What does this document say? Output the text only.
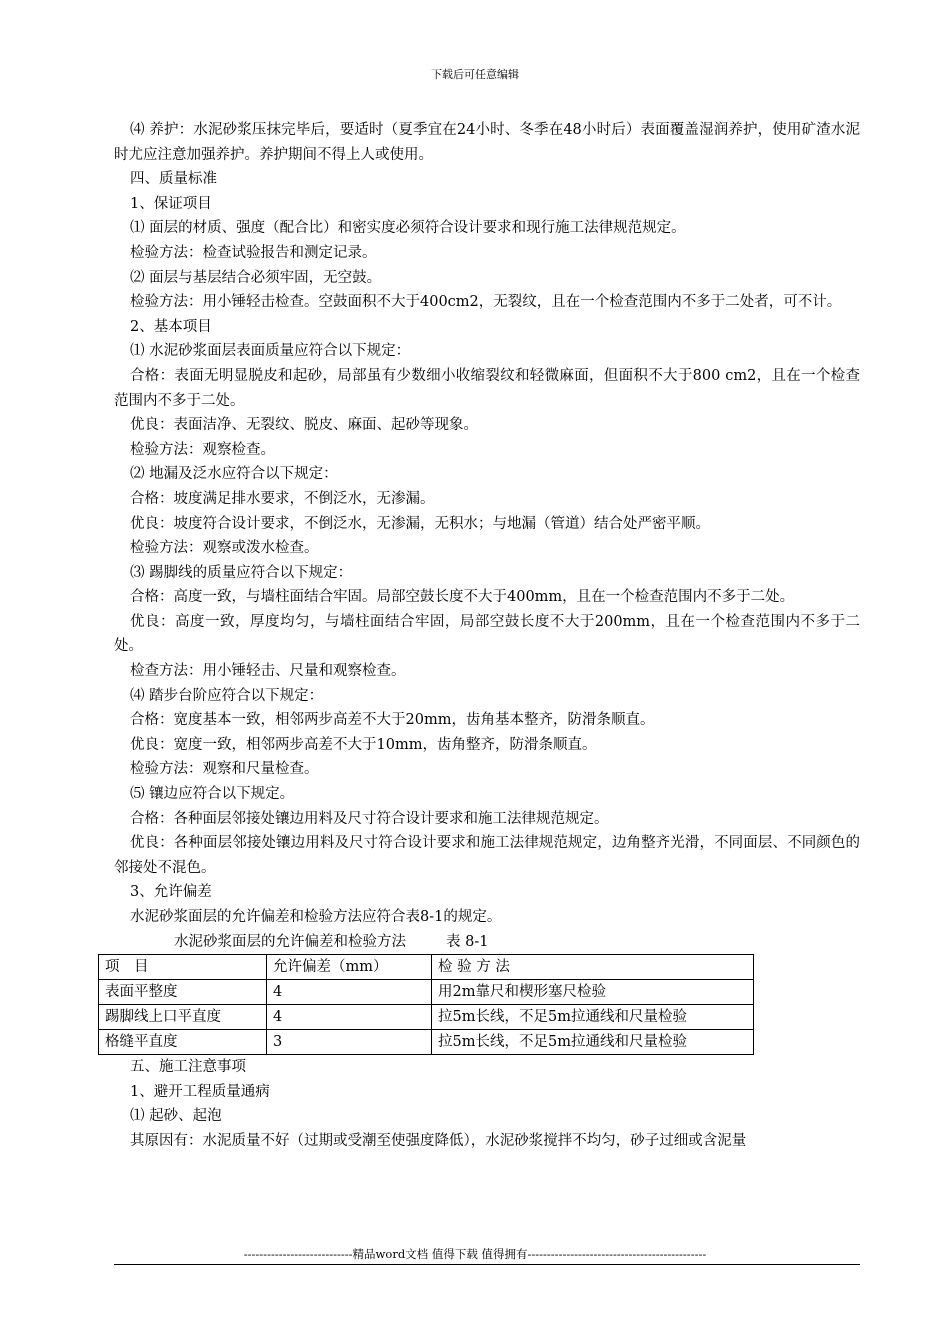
下载后可任意编辑

⑷ 养护：水泥砂浆压抹完毕后，要适时（夏季宜在24小时、冬季在48小时后）表面覆盖湿润养护，使用矿渣水泥时尤应注意加强养护。养护期间不得上人或使用。

四、质量标准

1、保证项目

⑴ 面层的材质、强度（配合比）和密实度必须符合设计要求和现行施工法律规范规定。

检验方法：检查试验报告和测定记录。

⑵ 面层与基层结合必须牢固，无空鼓。

检验方法：用小锤轻击检查。空鼓面积不大于400cm2，无裂纹，且在一个检查范围内不多于二处者，可不计。

2、基本项目

⑴ 水泥砂浆面层表面质量应符合以下规定：

合格：表面无明显脱皮和起砂，局部虽有少数细小收缩裂纹和轻微麻面，但面积不大于800 cm2，且在一个检查范围内不多于二处。

优良：表面洁净、无裂纹、脱皮、麻面、起砂等现象。

检验方法：观察检查。

⑵ 地漏及泛水应符合以下规定：

合格：坡度满足排水要求，不倒泛水，无渗漏。

优良：坡度符合设计要求，不倒泛水，无渗漏，无积水；与地漏（管道）结合处严密平顺。

检验方法：观察或泼水检查。

⑶ 踢脚线的质量应符合以下规定：

合格：高度一致，与墙柱面结合牢固。局部空鼓长度不大于400mm，且在一个检查范围内不多于二处。

优良：高度一致，厚度均匀，与墙柱面结合牢固，局部空鼓长度不大于200mm，且在一个检查范围内不多于二处。

检查方法：用小锤轻击、尺量和观察检查。

⑷ 踏步台阶应符合以下规定：

合格：宽度基本一致，相邻两步高差不大于20mm，齿角基本整齐，防滑条顺直。

优良：宽度一致，相邻两步高差不大于10mm，齿角整齐，防滑条顺直。

检验方法：观察和尺量检查。

⑸ 镶边应符合以下规定。

合格：各种面层邻接处镶边用料及尺寸符合设计要求和施工法律规范规定。

优良：各种面层邻接处镶边用料及尺寸符合设计要求和施工法律规范规定，边角整齐光滑，不同面层、不同颜色的邻接处不混色。

3、允许偏差

水泥砂浆面层的允许偏差和检验方法应符合表8-1的规定。

水泥砂浆面层的允许偏差和检验方法	表 8-1

项　目	允许偏差（mm）	检 验 方 法
表面平整度	4	用2m靠尺和楔形塞尺检验
踢脚线上口平直度	4	拉5m长线，不足5m拉通线和尺量检验
格缝平直度	3	拉5m长线，不足5m拉通线和尺量检验

五、施工注意事项

1、避开工程质量通病

⑴ 起砂、起泡

其原因有：水泥质量不好（过期或受潮至使强度降低），水泥砂浆搅拌不均匀，砂子过细或含泥量

----------------------------精品word文档 值得下载 值得拥有----------------------------------------------
